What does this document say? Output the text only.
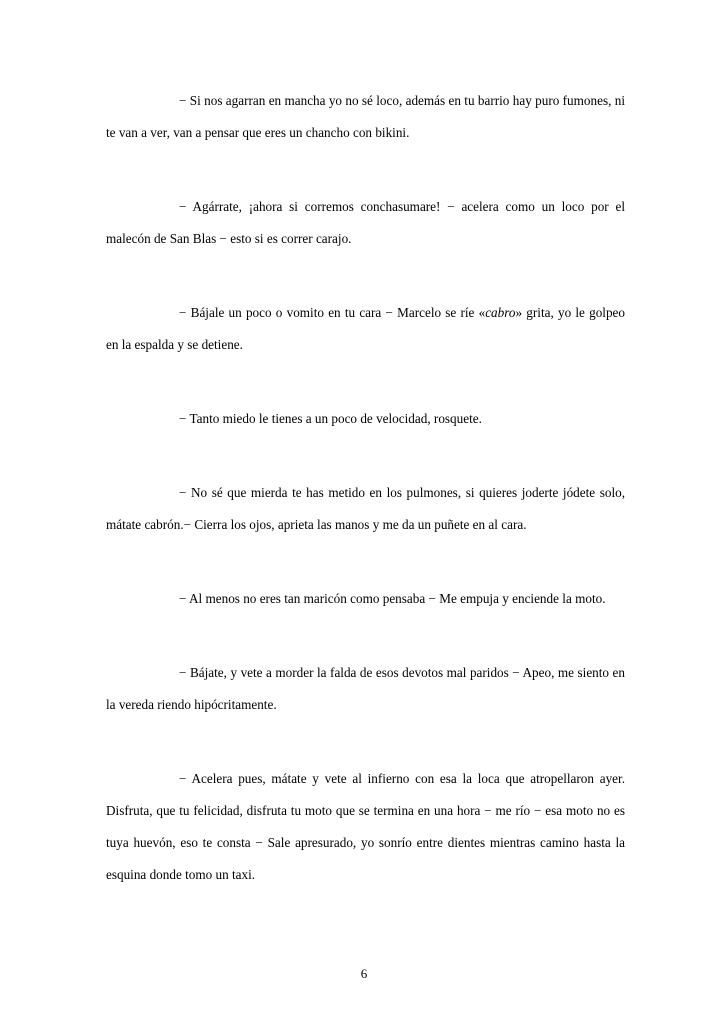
− Si nos agarran en mancha yo no sé loco, además en tu barrio hay puro fumones, ni te van a ver, van a pensar que eres un chancho con bikini.

− Agárrate, ¡ahora si corremos conchasumare! − acelera como un loco por el malecón de San Blas − esto si es correr carajo.

− Bájale un poco o vomito en tu cara − Marcelo se ríe «cabro» grita, yo le golpeo en la espalda y se detiene.

− Tanto miedo le tienes a un poco de velocidad, rosquete.

− No sé que mierda te has metido en los pulmones, si quieres joderte jódete solo, mátate cabrón.− Cierra los ojos, aprieta las manos y me da un puñete en al cara.

− Al menos no eres tan maricón como pensaba − Me empuja y enciende la moto.

− Bájate, y vete a morder la falda de esos devotos mal paridos − Apeo, me siento en la vereda riendo hipócritamente.

− Acelera pues, mátate y vete al infierno con esa la loca que atropellaron ayer. Disfruta, que tu felicidad, disfruta tu moto que se termina en una hora − me río − esa moto no es tuya huevón, eso te consta − Sale apresurado, yo sonrío entre dientes mientras camino hasta la esquina donde tomo un taxi.

6
